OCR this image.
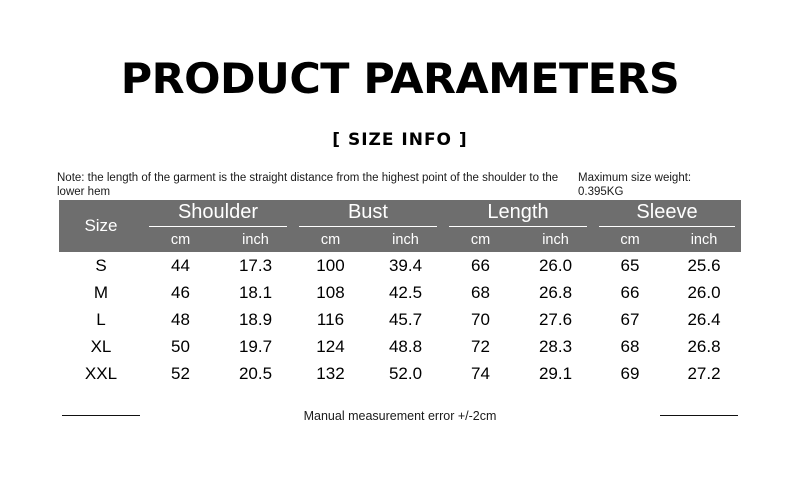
PRODUCT PARAMETERS
[ SIZE INFO ]
Note: the length of the garment is the straight distance from the highest point of the shoulder to the lower hem
Maximum size weight: 0.395KG
Size	Shoulder		Bust		Length		Sleeve	

	cm	inch	cm	inch	cm	inch	cm	inch
S	44	17.3	100	39.4	66	26.0	65	25.6
M	46	18.1	108	42.5	68	26.8	66	26.0
L	48	18.9	116	45.7	70	27.6	67	26.4
XL	50	19.7	124	48.8	72	28.3	68	26.8
XXL	52	20.5	132	52.0	74	29.1	69	27.2
Manual measurement error +/-2cm
